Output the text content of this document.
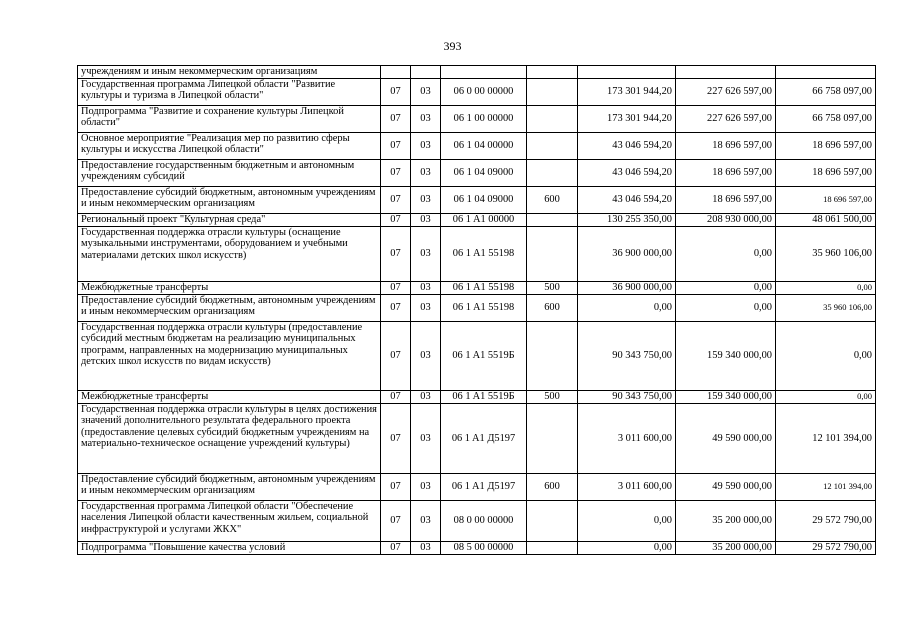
393
учреждениям и иным некоммерческим организациям							
Государственная программа Липецкой области "Развитие культуры и туризма в Липецкой области"	07	03	06 0 00 00000		173 301 944,20	227 626 597,00	66 758 097,00
Подпрограмма "Развитие и сохранение культуры Липецкой области"	07	03	06 1 00 00000		173 301 944,20	227 626 597,00	66 758 097,00
Основное мероприятие "Реализация мер по развитию сферы культуры и искусства Липецкой области"	07	03	06 1 04 00000		43 046 594,20	18 696 597,00	18 696 597,00
Предоставление государственным бюджетным и автономным учреждениям субсидий	07	03	06 1 04 09000		43 046 594,20	18 696 597,00	18 696 597,00
Предоставление субсидий бюджетным, автономным учреждениям и иным некоммерческим организациям	07	03	06 1 04 09000	600	43 046 594,20	18 696 597,00	18 696 597,00
Региональный проект "Культурная среда"	07	03	06 1 A1 00000		130 255 350,00	208 930 000,00	48 061 500,00
Государственная поддержка отрасли культуры (оснащение музыкальными инструментами, оборудованием и учебными материалами детских школ искусств)	07	03	06 1 A1 55198		36 900 000,00	0,00	35 960 106,00
Межбюджетные трансферты	07	03	06 1 A1 55198	500	36 900 000,00	0,00	0,00
Предоставление субсидий бюджетным, автономным учреждениям и иным некоммерческим организациям	07	03	06 1 A1 55198	600	0,00	0,00	35 960 106,00
Государственная поддержка отрасли культуры (предоставление субсидий местным бюджетам на реализацию муниципальных программ, направленных на модернизацию муниципальных детских школ искусств по видам искусств)	07	03	06 1 A1 5519Б		90 343 750,00	159 340 000,00	0,00
Межбюджетные трансферты	07	03	06 1 A1 5519Б	500	90 343 750,00	159 340 000,00	0,00
Государственная поддержка отрасли культуры в целях достижения значений дополнительного результата федерального проекта (предоставление целевых субсидий бюджетным учреждениям на материально-техническое оснащение учреждений культуры)	07	03	06 1 A1 Д5197		3 011 600,00	49 590 000,00	12 101 394,00
Предоставление субсидий бюджетным, автономным учреждениям и иным некоммерческим организациям	07	03	06 1 A1 Д5197	600	3 011 600,00	49 590 000,00	12 101 394,00
Государственная программа Липецкой области "Обеспечение населения Липецкой области качественным жильем, социальной инфраструктурой и услугами ЖКХ"	07	03	08 0 00 00000		0,00	35 200 000,00	29 572 790,00
Подпрограмма "Повышение качества условий	07	03	08 5 00 00000		0,00	35 200 000,00	29 572 790,00
